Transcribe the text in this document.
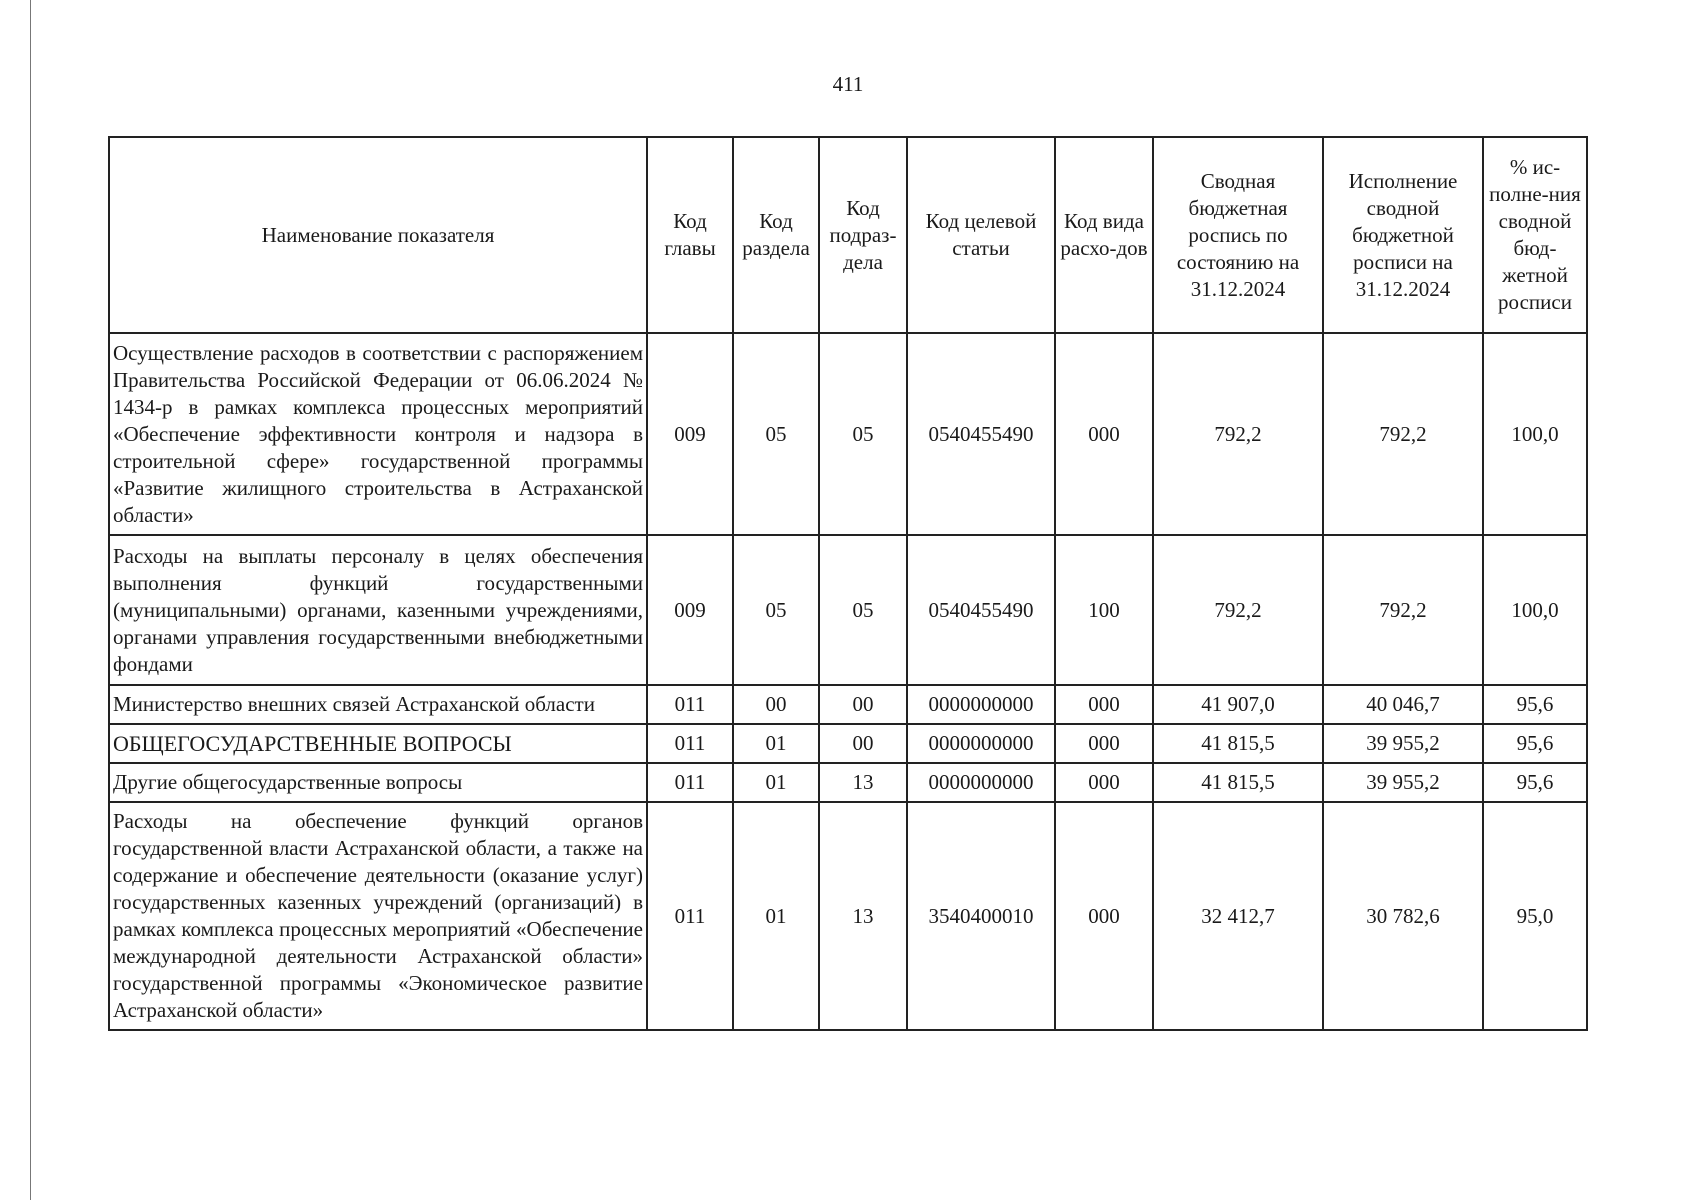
411
Наименование показателя	Код главы	Код раздела	Код подраз-дела	Код целевой статьи	Код вида расхо-дов	Сводная бюджетная роспись по состоянию на 31.12.2024	Исполнение сводной бюджетной росписи на 31.12.2024	% ис-полне-ния сводной бюд-жетной росписи
Осуществление расходов в соответствии с распоряжением Правительства Российской Федерации от 06.06.2024 № 1434-р в рамках комплекса процессных мероприятий «Обеспечение эффективности контроля и надзора в строительной сфере» государственной программы «Развитие жилищного строительства в Астраханской области»	009	05	05	0540455490	000	792,2	792,2	100,0
Расходы на выплаты персоналу в целях обеспечения выполнения функций государственными (муниципальными) органами, казенными учреждениями, органами управления государственными внебюджетными фондами	009	05	05	0540455490	100	792,2	792,2	100,0
Министерство внешних связей Астраханской области	011	00	00	0000000000	000	41 907,0	40 046,7	95,6
ОБЩЕГОСУДАРСТВЕННЫЕ ВОПРОСЫ	011	01	00	0000000000	000	41 815,5	39 955,2	95,6
Другие общегосударственные вопросы	011	01	13	0000000000	000	41 815,5	39 955,2	95,6
Расходы на обеспечение функций органов государственной власти Астраханской области, а также на содержание и обеспечение деятельности (оказание услуг) государственных казенных учреждений (организаций) в рамках комплекса процессных мероприятий «Обеспечение международной деятельности Астраханской области» государственной программы «Экономическое развитие Астраханской области»	011	01	13	3540400010	000	32 412,7	30 782,6	95,0
